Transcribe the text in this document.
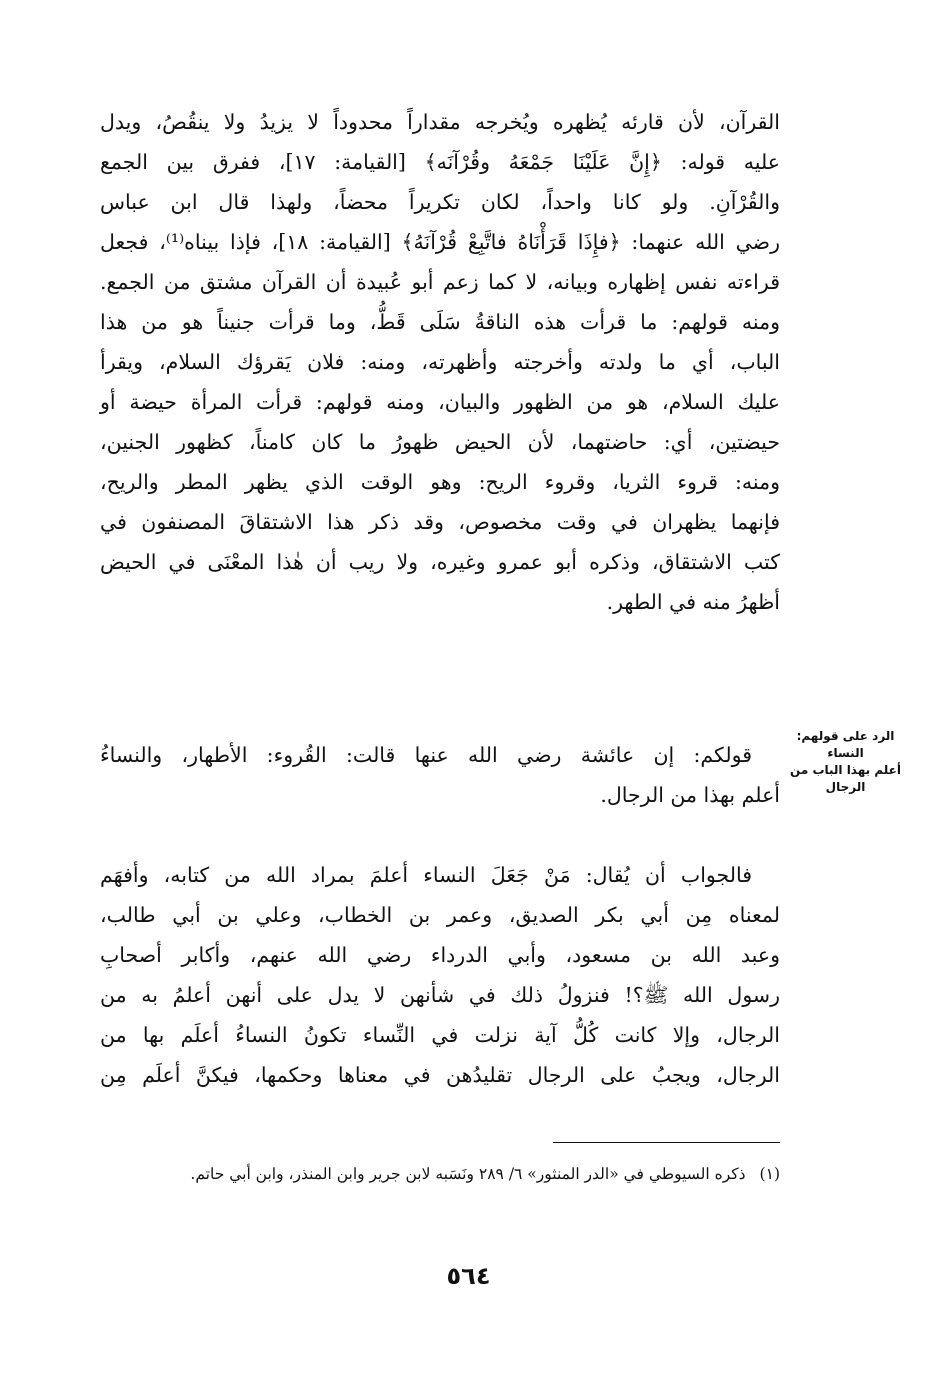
القرآن، لأن قارئه يُظهره ويُخرجه مقداراً محدوداً لا يزيدُ ولا ينقُصُ، ويدل
عليه قوله: ﴿إِنَّ عَلَيْنَا جَمْعَهُ وقُرْآنَه﴾ [القيامة: ١٧]، ففرق بين الجمع
والقُرْآنِ. ولو كانا واحداً، لكان تكريراً محضاً، ولهذا قال ابن عباس
رضي الله عنهما: ﴿فإِذَا قَرَأْنَاهُ فاتَّبِعْ قُرْآنَهُ﴾ [القيامة: ١٨]، فإذا بيناه⁽¹⁾، فجعل
قراءته نفس إظهاره وبيانه، لا كما زعم أبو عُبيدة أن القرآن مشتق من الجمع.
ومنه قولهم: ما قرأت هذه الناقةُ سَلَى قَطُّ، وما قرأت جنيناً هو من هذا
الباب، أي ما ولدته وأخرجته وأظهرته، ومنه: فلان يَقرؤك السلام، ويقرأ
عليك السلام، هو من الظهور والبيان، ومنه قولهم: قرأت المرأة حيضة أو
حيضتين، أي: حاضتهما، لأن الحيض ظهورُ ما كان كامناً، كظهور الجنين،
ومنه: قروء الثريا، وقروء الريح: وهو الوقت الذي يظهر المطر والريح،
فإنهما يظهران في وقت مخصوص، وقد ذكر هذا الاشتقاقَ المصنفون في
كتب الاشتقاق، وذكره أبو عمرو وغيره، ولا ريب أن هٰذا المعْنَى في الحيض
أظهرُ منه في الطهر.
الرد على قولهم: النساء
أعلم بهذا الباب من
الرجال
قولكم: إن عائشة رضي الله عنها قالت: القُروء: الأطهار، والنساءُ
أعلم بهذا من الرجال.
فالجواب أن يُقال: مَنْ جَعَلَ النساء أعلمَ بمراد الله من كتابه، وأفهَم
لمعناه مِن أبي بكر الصديق، وعمر بن الخطاب، وعلي بن أبي طالب،
وعبد الله بن مسعود، وأبي الدرداء رضي الله عنهم، وأكابر أصحابِ
رسول الله ﷺ؟! فنزولُ ذلك في شأنهن لا يدل على أنهن أعلمُ به من
الرجال، وإلا كانت كُلُّ آية نزلت في النِّساء تكونُ النساءُ أعلَم بها من
الرجال، ويجبُ على الرجال تقليدُهن في معناها وحكمها، فيكنَّ أعلَم مِن
(١)ذكره السيوطي في «الدر المنثور» ٦/ ٢٨٩ ونَسَبه لابن جرير وابن المنذر، وابن أبي حاتم.
٥٦٤
